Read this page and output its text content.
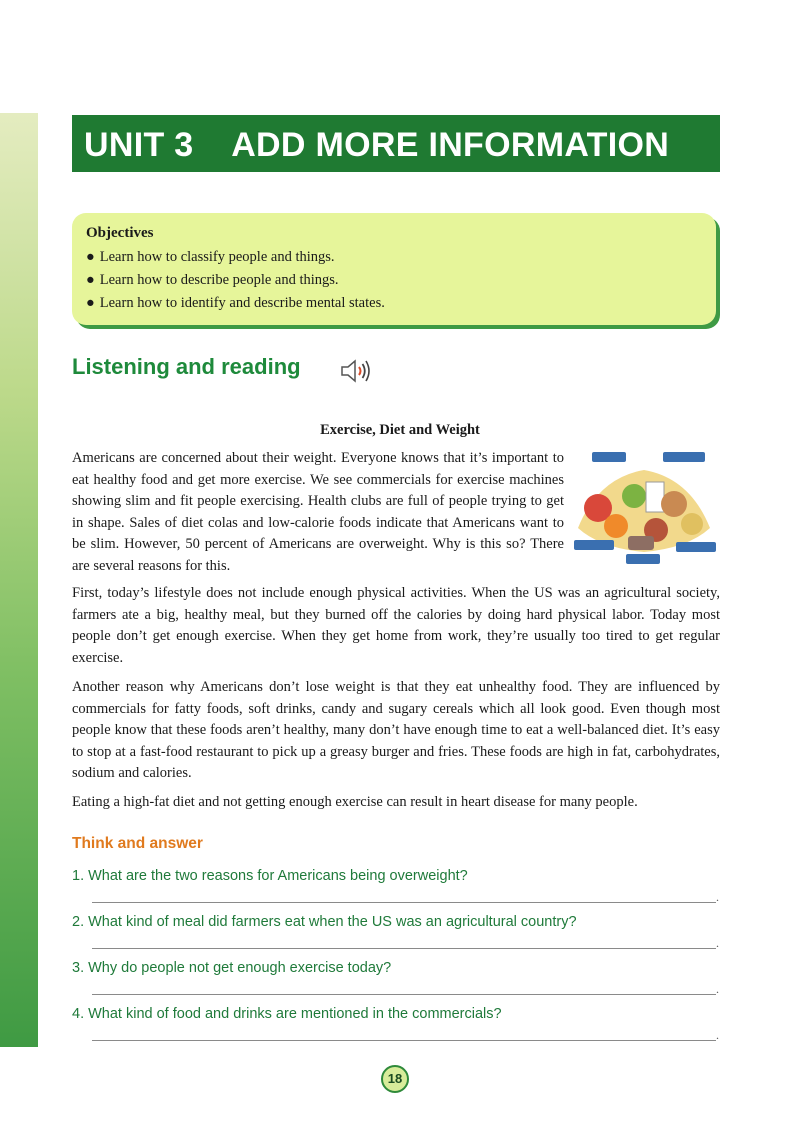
UNIT 3    ADD MORE INFORMATION
Objectives
● Learn how to classify people and things.
● Learn how to describe people and things.
● Learn how to identify and describe mental states.
Listening and reading
Exercise, Diet and Weight

Americans are concerned about their weight. Everyone knows that it’s important to eat healthy food and get more exercise. We see commercials for exercise machines showing slim and fit people exercising. Health clubs are full of people trying to get in shape. Sales of diet colas and low-calorie foods indicate that Americans want to be slim. However, 50 percent of Americans are overweight. Why is this so? There are several reasons for this.

First, today’s lifestyle does not include enough physical activities. When the US was an agricultural society, farmers ate a big, healthy meal, but they burned off the calories by doing hard physical labor. Today most people don’t get enough exercise. When they get home from work, they’re usually too tired to get regular exercise.

Another reason why Americans don’t lose weight is that they eat unhealthy food. They are influenced by commercials for fatty foods, soft drinks, candy and sugary cereals which all look good. Even though most people know that these foods aren’t healthy, many don’t have enough time to eat a well-balanced diet. It’s easy to stop at a fast-food restaurant to pick up a greasy burger and fries. These foods are high in fat, carbohydrates, sodium and calories.

Eating a high-fat diet and not getting enough exercise can result in heart disease for many people.

Think and answer
1. What are the two reasons for Americans being overweight?
.
2. What kind of meal did farmers eat when the US was an agricultural country?
.
3. Why do people not get enough exercise today?
.
4. What kind of food and drinks are mentioned in the commercials?
.
18
